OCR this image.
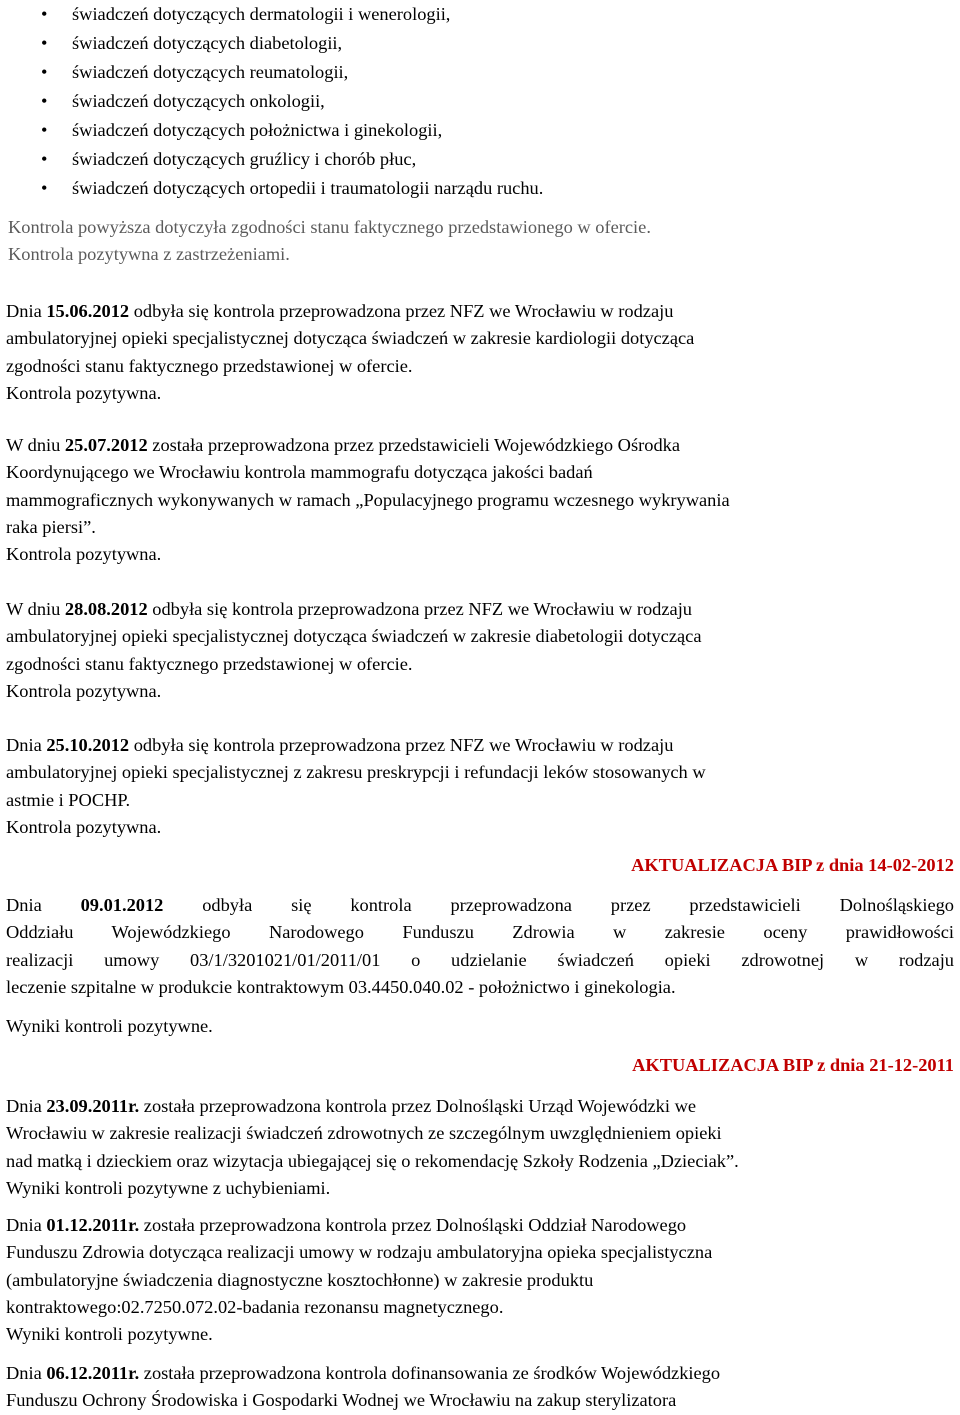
• świadczeń dotyczących dermatologii i wenerologii,
• świadczeń dotyczących diabetologii,
• świadczeń dotyczących reumatologii,
• świadczeń dotyczących onkologii,
• świadczeń dotyczących położnictwa i ginekologii,
• świadczeń dotyczących gruźlicy i chorób płuc,
• świadczeń dotyczących ortopedii i traumatologii narządu ruchu.
Kontrola powyższa dotyczyła zgodności stanu faktycznego przedstawionego w ofercie.
Kontrola pozytywna z zastrzeżeniami.
Dnia 15.06.2012 odbyła się kontrola przeprowadzona przez NFZ we Wrocławiu w rodzaju
ambulatoryjnej opieki specjalistycznej dotycząca świadczeń w zakresie kardiologii dotycząca
zgodności stanu faktycznego przedstawionej w ofercie.
Kontrola pozytywna.
W dniu 25.07.2012 została przeprowadzona przez przedstawicieli Wojewódzkiego Ośrodka
Koordynującego we Wrocławiu kontrola mammografu dotycząca jakości badań
mammograficznych wykonywanych w ramach „Populacyjnego programu wczesnego wykrywania
raka piersi”.
Kontrola pozytywna.
W dniu 28.08.2012 odbyła się kontrola przeprowadzona przez NFZ we Wrocławiu w rodzaju
ambulatoryjnej opieki specjalistycznej dotycząca świadczeń w zakresie diabetologii dotycząca
zgodności stanu faktycznego przedstawionej w ofercie.
Kontrola pozytywna.
Dnia 25.10.2012 odbyła się kontrola przeprowadzona przez NFZ we Wrocławiu w rodzaju
ambulatoryjnej opieki specjalistycznej z zakresu preskrypcji i refundacji leków stosowanych w
astmie i POCHP.
Kontrola pozytywna.
AKTUALIZACJA BIP z dnia 14-02-2012
Dnia 09.01.2012 odbyła się kontrola przeprowadzona przez przedstawicieli Dolnośląskiego
Oddziału Wojewódzkiego Narodowego Funduszu Zdrowia w zakresie oceny prawidłowości
realizacji umowy 03/1/3201021/01/2011/01 o udzielanie świadczeń opieki zdrowotnej w rodzaju
leczenie szpitalne w produkcie kontraktowym 03.4450.040.02 - położnictwo i ginekologia.
Wyniki kontroli pozytywne.
AKTUALIZACJA BIP z dnia 21-12-2011
Dnia 23.09.2011r. została przeprowadzona kontrola przez Dolnośląski Urząd Wojewódzki we
Wrocławiu w zakresie realizacji świadczeń zdrowotnych ze szczególnym uwzględnieniem opieki
nad matką i dzieckiem oraz wizytacja ubiegającej się o rekomendację Szkoły Rodzenia „Dzieciak”.
Wyniki kontroli pozytywne z uchybieniami.
Dnia 01.12.2011r. została przeprowadzona kontrola przez Dolnośląski Oddział Narodowego
Funduszu Zdrowia dotycząca realizacji umowy w rodzaju ambulatoryjna opieka specjalistyczna
(ambulatoryjne świadczenia diagnostyczne kosztochłonne) w zakresie produktu
kontraktowego:02.7250.072.02-badania rezonansu magnetycznego.
Wyniki kontroli pozytywne.
Dnia 06.12.2011r. została przeprowadzona kontrola dofinansowania ze środków Wojewódzkiego
Funduszu Ochrony Środowiska i Gospodarki Wodnej we Wrocławiu na zakup sterylizatora
